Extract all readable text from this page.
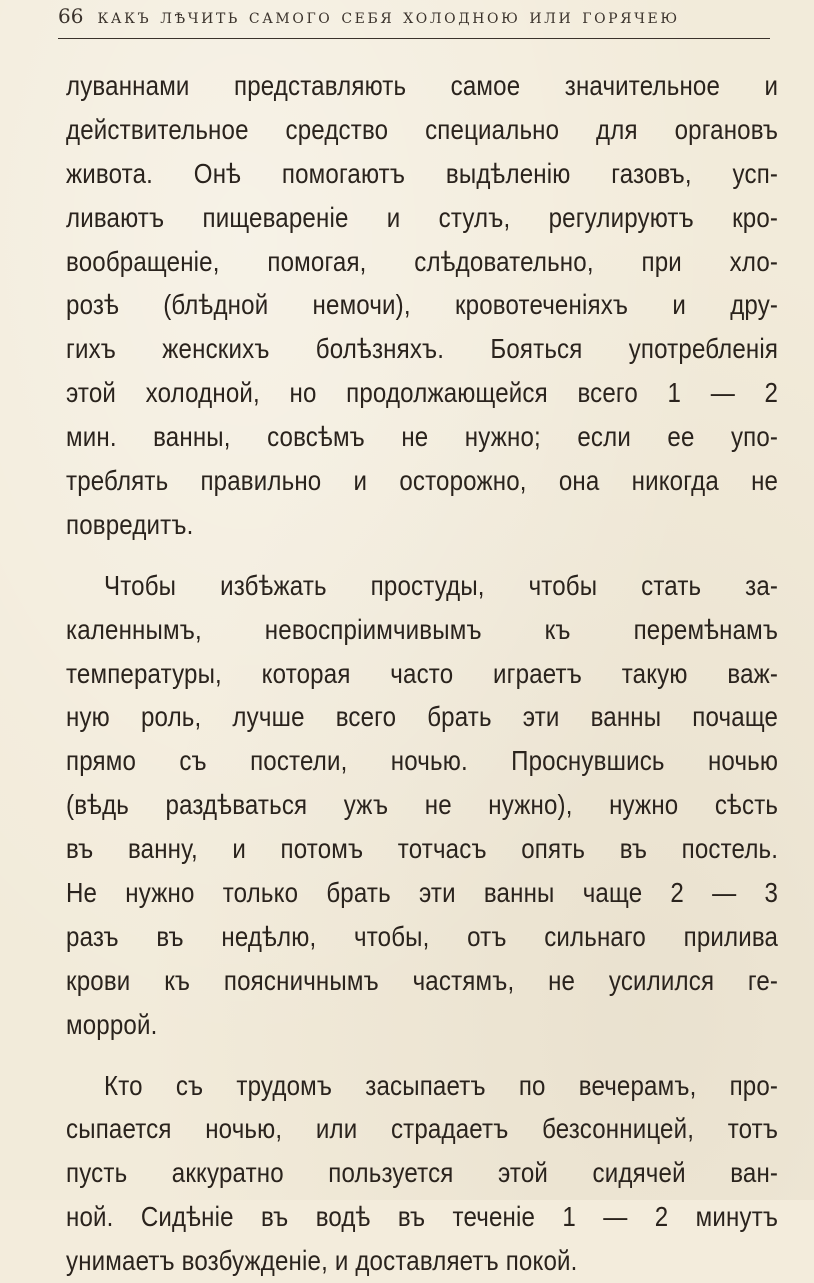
66 какъ лѣчить самого себя холодною или горячею
луваннами представляють самое значительное и
действительное средство специально для органовъ
живота. Онѣ помогаютъ выдѣленію газовъ, усп-
ливаютъ пищевареніе и стулъ, регулируютъ кро-
вообращеніе, помогая, слѣдовательно, при хло-
розѣ (блѣдной немочи), кровотеченіяхъ и дру-
гихъ женскихъ болѣзняхъ. Бояться употребленія
этой холодной, но продолжающейся всего 1 — 2
мин. ванны, совсѣмъ не нужно; если ее упо-
треблять правильно и осторожно, она никогда не
повредитъ.
Чтобы избѣжать простуды, чтобы стать за-
каленнымъ, невоспріимчивымъ къ перемѣнамъ
температуры, которая часто играетъ такую важ-
ную роль, лучше всего брать эти ванны почаще
прямо съ постели, ночью. Проснувшись ночью
(вѣдь раздѣваться ужъ не нужно), нужно сѣсть
въ ванну, и потомъ тотчасъ опять въ постель.
Не нужно только брать эти ванны чаще 2 — 3
разъ въ недѣлю, чтобы, отъ сильнаго прилива
крови къ поясничнымъ частямъ, не усилился ге-
моррой.
Кто съ трудомъ засыпаетъ по вечерамъ, про-
сыпается ночью, или страдаетъ безсонницей, тотъ
пусть аккуратно пользуется этой сидячей ван-
ной. Сидѣніе въ водѣ въ теченіе 1 — 2 минутъ
унимаетъ возбужденіе, и доставляетъ покой.
